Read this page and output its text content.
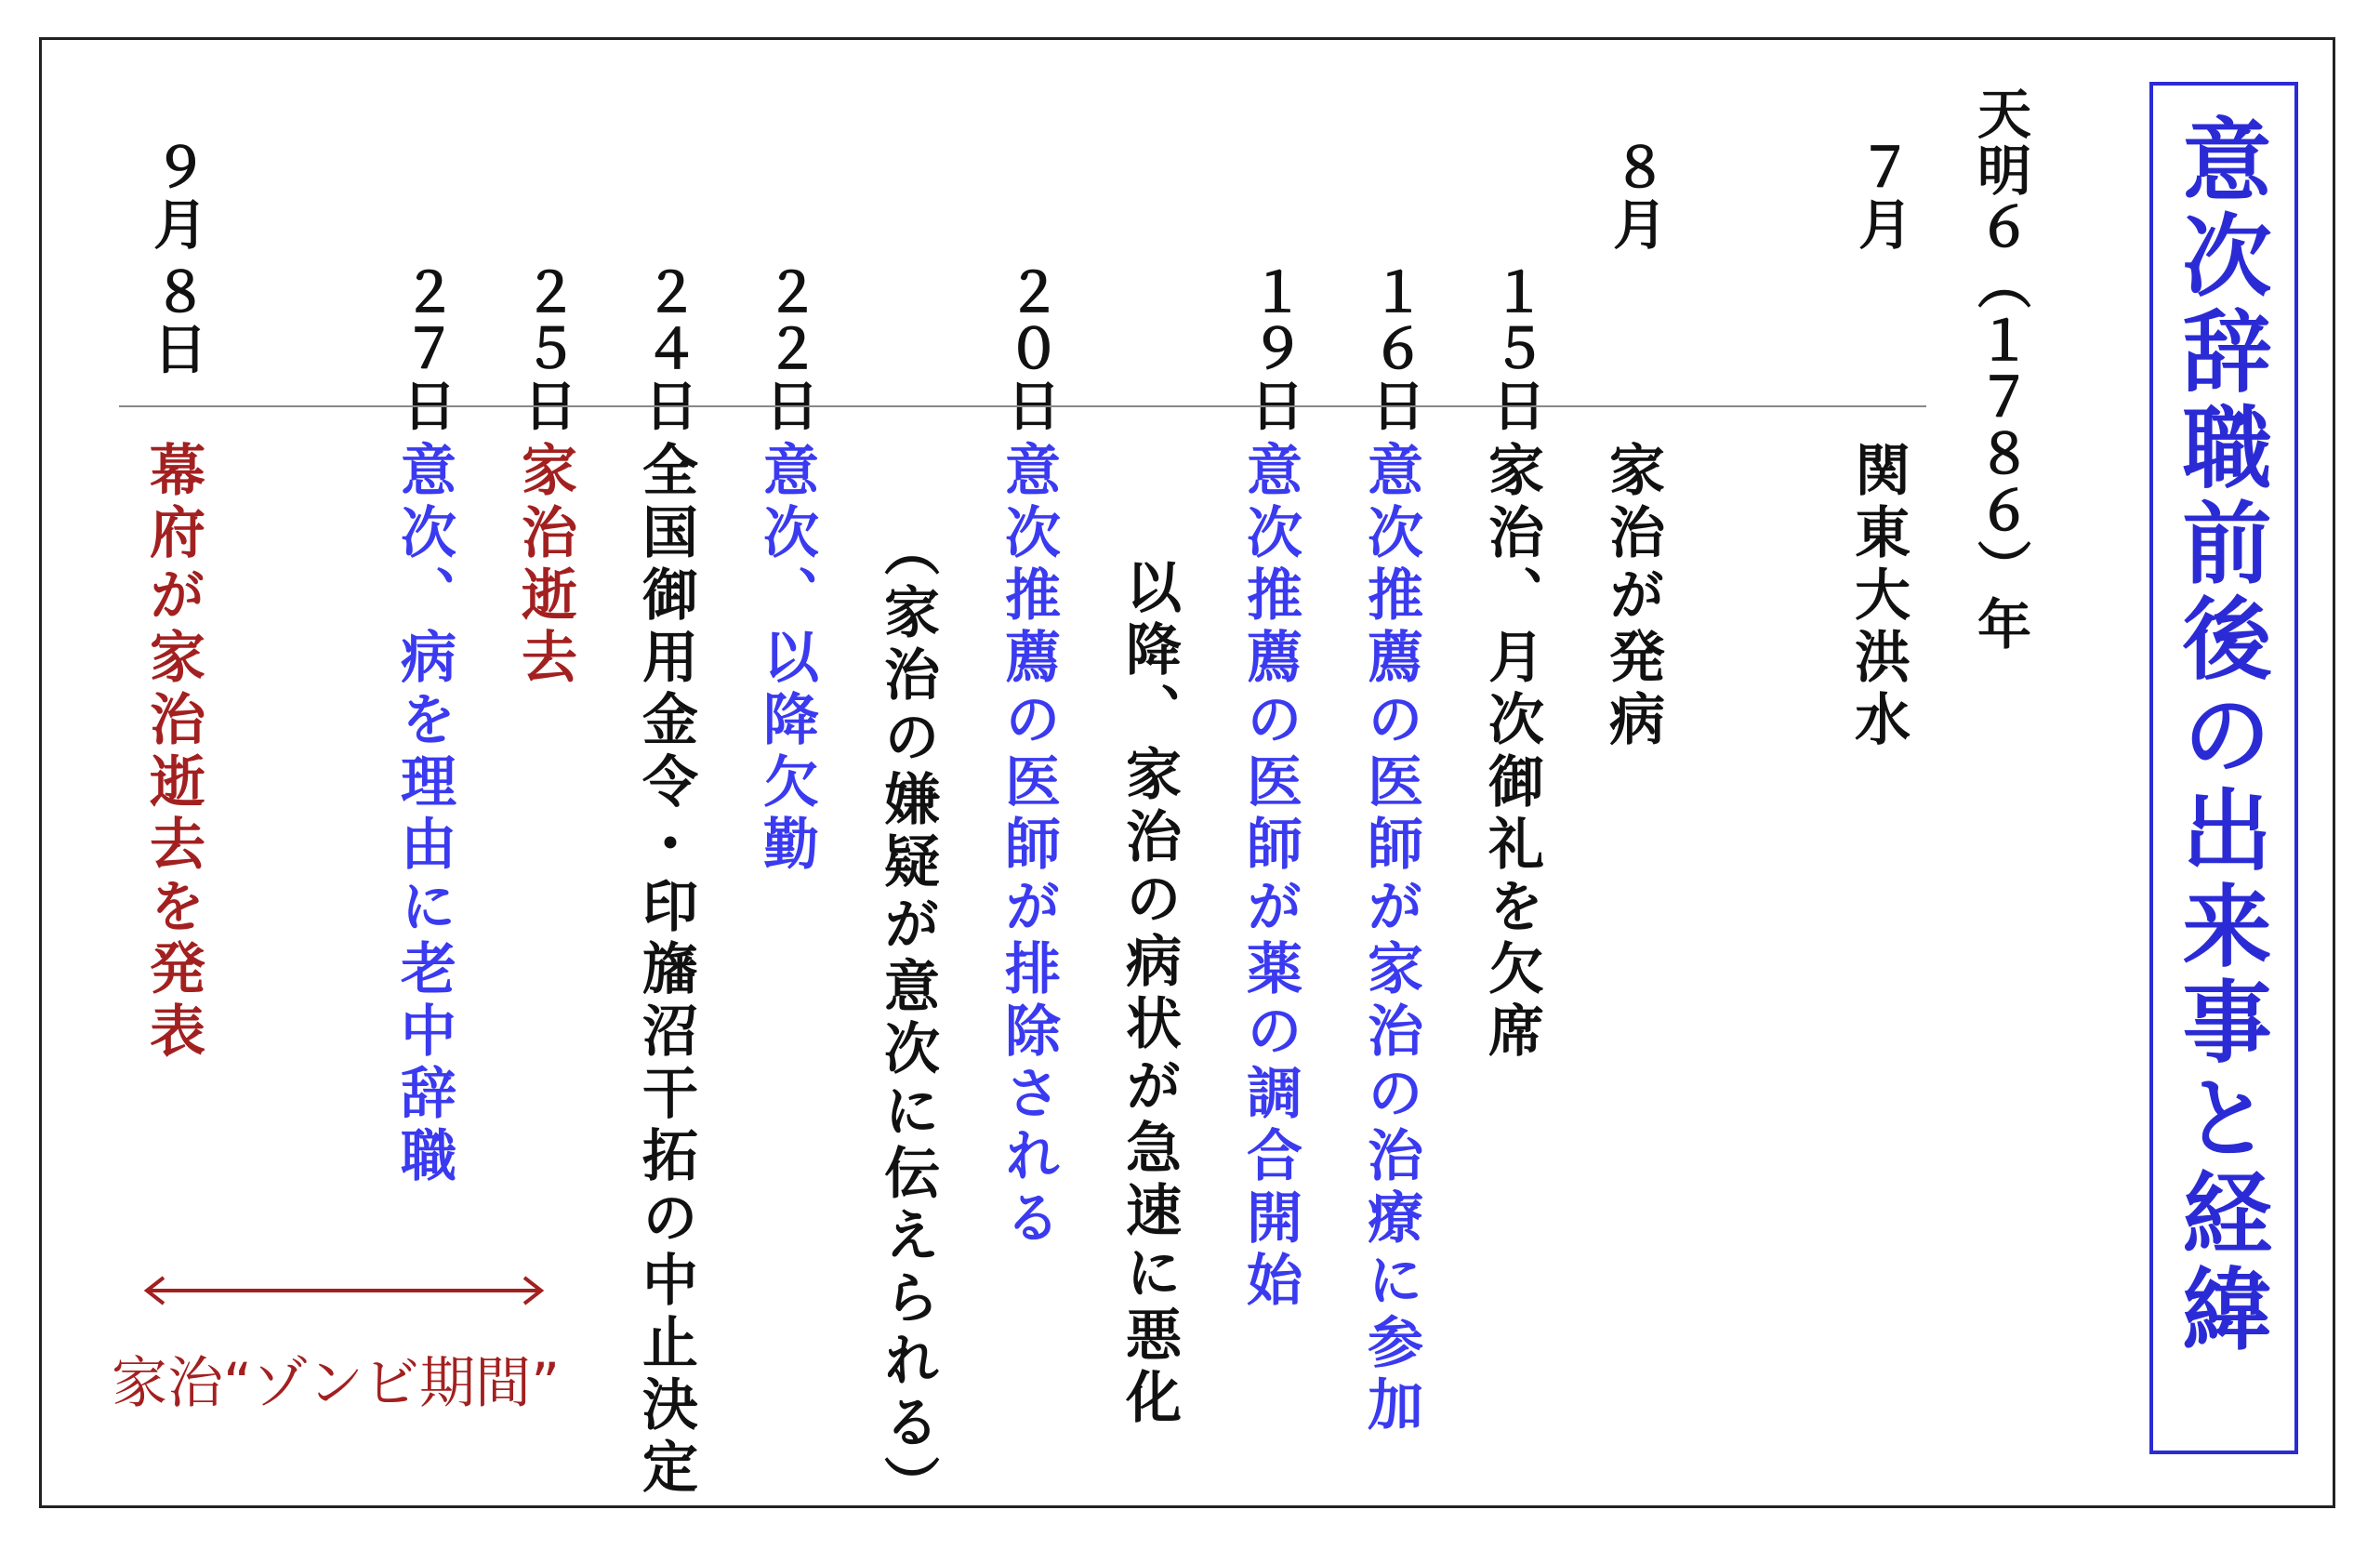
意次辞職前後の出来事と経緯
天明６（１７８６）年
７月
８月
９月
１５日
１６日
１９日
２０日
２２日
２４日
２５日
２７日
８日
関東大洪水
家治が発病
家治、月次御礼を欠席
意次推薦の医師が家治の治療に参加
意次推薦の医師が薬の調合開始
以降、家治の病状が急速に悪化
意次推薦の医師が排除される
（家治の嫌疑が意次に伝えられる）
意次、以降欠勤
全国御用金令・印旛沼干拓の中止決定
家治逝去
意次、病を理由に老中辞職
幕府が家治逝去を発表
家治“ゾンビ期間”
